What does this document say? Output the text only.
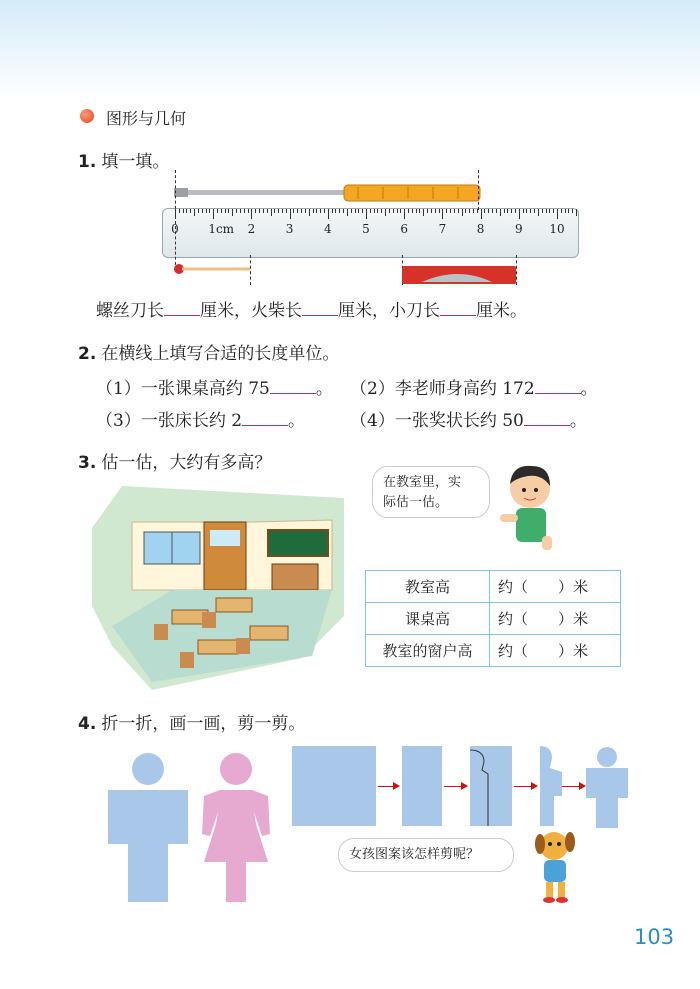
图形与几何
1. 填一填。
0 1cm 2	3	4	5	6	7	8	9 10
螺丝刀长 厘米，火柴长 厘米，小刀长 厘米。
2. 在横线上填写合适的长度单位。
（1）一张课桌高约 75	。 （2）李老师身高约 172	。
（3）一张床长约 2	。	（4）一张奖状长约 50	。
3. 估一估，大约有多高？
在教室里，实
际估一估。
教室高	约（　　）米
课桌高	约（　　）米
教室的窗户高	约（　　）米
4. 折一折，画一画，剪一剪。
女孩图案该怎样剪呢？
103
